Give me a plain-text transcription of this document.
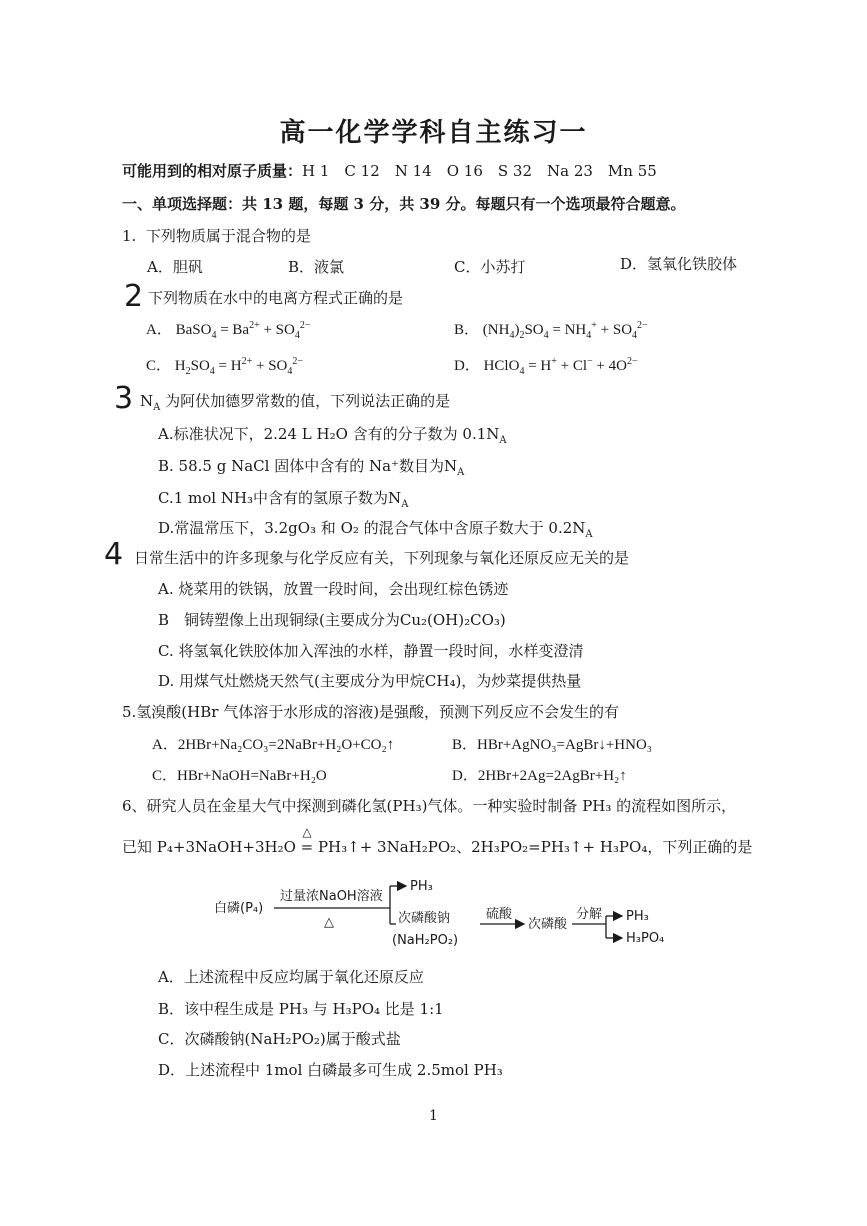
高一化学学科自主练习一
可能用到的相对原子质量：H 1　C 12　N 14　O 16　S 32　Na 23　Mn 55
一、单项选择题：共 13 题，每题 3 分，共 39 分。每题只有一个选项最符合题意。
1. 下列物质属于混合物的是
A．胆矾	B．液氯	C．小苏打	D．氢氧化铁胶体
2 下列物质在水中的电离方程式正确的是
A． BaSO$_4$ = $Ba^{2+} + SO_4^{2-}$	B． $(NH_4)_2SO_4 = NH_4^+ + SO_4^{2-}$
C． $H_2SO_4 = H^{2+} + SO_4^{2-}$	D． HClO$_4$ = $H^+ + Cl^- + 4O^{2-}$
3 $N_A$ 为阿伏加德罗常数的值，下列说法正确的是
A.标准状况下，2.24 L H₂O 含有的分子数为 $0.1N_A$
B. 58.5 g NaCl 固体中含有的 Na⁺数目为$N_A$
C.1 mol NH₃中含有的氢原子数为$N_A$
D.常温常压下，3.2gO₃ 和 O₂ 的混合气体中含原子数大于 $0.2N_A$
4 日常生活中的许多现象与化学反应有关，下列现象与氧化还原反应无关的是
A. 烧菜用的铁锅，放置一段时间，会出现红棕色锈迹
B　铜铸塑像上出现铜绿(主要成分为Cu₂(OH)₂CO₃)
C. 将氢氧化铁胶体加入浑浊的水样，静置一段时间，水样变澄清
D. 用煤气灶燃烧天然气(主要成分为甲烷CH₄)，为炒菜提供热量
5.氢溴酸(HBr 气体溶于水形成的溶液)是强酸，预测下列反应不会发生的有
A．2HBr+Na₂CO₃=2NaBr+H₂O+CO₂↑	B．HBr+AgNO₃=AgBr↓+HNO₃
C．HBr+NaOH=NaBr+H₂O	D．2HBr+2Ag=2AgBr+H₂↑
6、研究人员在金星大气中探测到磷化氢(PH₃)气体。一种实验时制备 PH₃ 的流程如图所示，
已知 P₄+3NaOH+3H₂O
△
= PH₃↑+ 3NaH₂PO₂、2H₃PO₂=PH₃↑+ H₃PO₄，下列正确的是
白磷(P₄)
过量浓NaOH溶液
△
PH₃
次磷酸钠
(NaH₂PO₂)
硫酸
次磷酸
分解 PH₃
H₃PO₄
A．上述流程中反应均属于氧化还原反应
B．该中程生成是 PH₃ 与 H₃PO₄ 比是 1:1
C．次磷酸钠(NaH₂PO₂)属于酸式盐
D．上述流程中 1mol 白磷最多可生成 2.5mol PH₃
1
